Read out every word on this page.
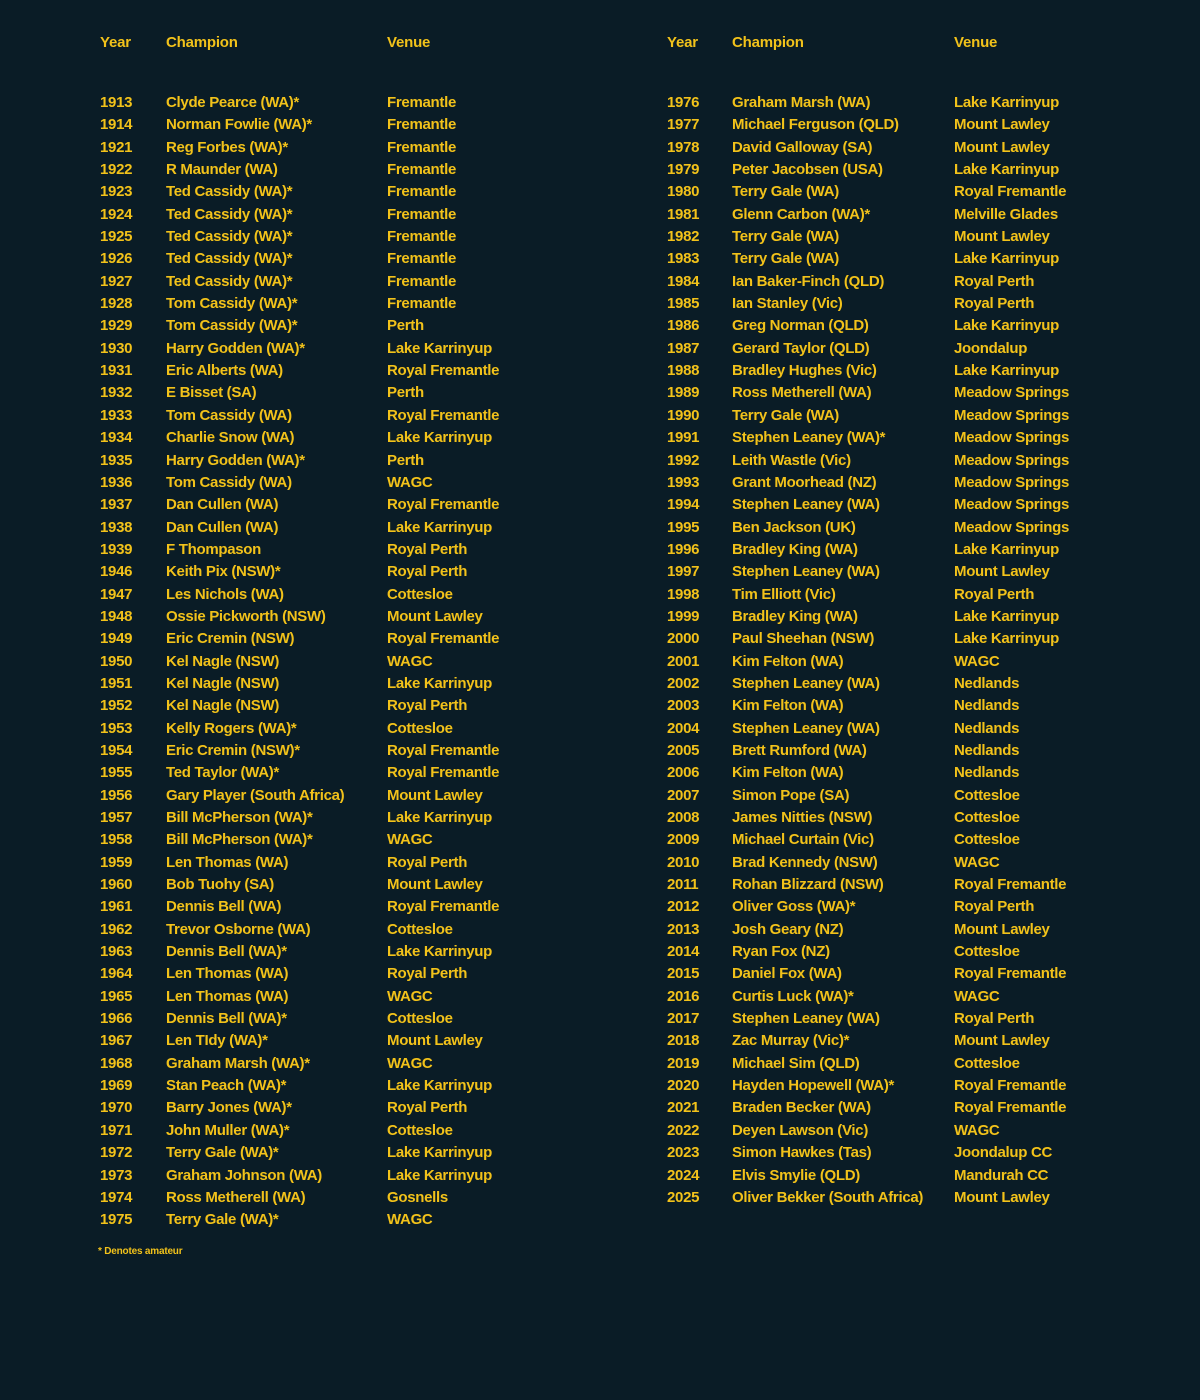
Year	Champion	Venue
1913	Clyde Pearce (WA)*	Fremantle
1914	Norman Fowlie (WA)*	Fremantle
1921	Reg Forbes (WA)*	Fremantle
1922	R Maunder (WA)	Fremantle
1923	Ted Cassidy (WA)*	Fremantle
1924	Ted Cassidy (WA)*	Fremantle
1925	Ted Cassidy (WA)*	Fremantle
1926	Ted Cassidy (WA)*	Fremantle
1927	Ted Cassidy (WA)*	Fremantle
1928	Tom Cassidy (WA)*	Fremantle
1929	Tom Cassidy (WA)*	Perth
1930	Harry Godden (WA)*	Lake Karrinyup
1931	Eric Alberts (WA)	Royal Fremantle
1932	E Bisset (SA)	Perth
1933	Tom Cassidy (WA)	Royal Fremantle
1934	Charlie Snow (WA)	Lake Karrinyup
1935	Harry Godden (WA)*	Perth
1936	Tom Cassidy (WA)	WAGC
1937	Dan Cullen (WA)	Royal Fremantle
1938	Dan Cullen (WA)	Lake Karrinyup
1939	F Thompason	Royal Perth
1946	Keith Pix (NSW)*	Royal Perth
1947	Les Nichols (WA)	Cottesloe
1948	Ossie Pickworth (NSW)	Mount Lawley
1949	Eric Cremin (NSW)	Royal Fremantle
1950	Kel Nagle (NSW)	WAGC
1951	Kel Nagle (NSW)	Lake Karrinyup
1952	Kel Nagle (NSW)	Royal Perth
1953	Kelly Rogers (WA)*	Cottesloe
1954	Eric Cremin (NSW)*	Royal Fremantle
1955	Ted Taylor (WA)*	Royal Fremantle
1956	Gary Player (South Africa)	Mount Lawley
1957	Bill McPherson (WA)*	Lake Karrinyup
1958	Bill McPherson (WA)*	WAGC
1959	Len Thomas (WA)	Royal Perth
1960	Bob Tuohy (SA)	Mount Lawley
1961	Dennis Bell (WA)	Royal Fremantle
1962	Trevor Osborne (WA)	Cottesloe
1963	Dennis Bell (WA)*	Lake Karrinyup
1964	Len Thomas (WA)	Royal Perth
1965	Len Thomas (WA)	WAGC
1966	Dennis Bell (WA)*	Cottesloe
1967	Len TIdy (WA)*	Mount Lawley
1968	Graham Marsh (WA)*	WAGC
1969	Stan Peach (WA)*	Lake Karrinyup
1970	Barry Jones (WA)*	Royal Perth
1971	John Muller (WA)*	Cottesloe
1972	Terry Gale (WA)*	Lake Karrinyup
1973	Graham Johnson (WA)	Lake Karrinyup
1974	Ross Metherell (WA)	Gosnells
1975	Terry Gale (WA)*	WAGC
Year	Champion	Venue
1976	Graham Marsh (WA)	Lake Karrinyup
1977	Michael Ferguson (QLD)	Mount Lawley
1978	David Galloway (SA)	Mount Lawley
1979	Peter Jacobsen (USA)	Lake Karrinyup
1980	Terry Gale (WA)	Royal Fremantle
1981	Glenn Carbon (WA)*	Melville Glades
1982	Terry Gale (WA)	Mount Lawley
1983	Terry Gale (WA)	Lake Karrinyup
1984	Ian Baker-Finch (QLD)	Royal Perth
1985	Ian Stanley (Vic)	Royal Perth
1986	Greg Norman (QLD)	Lake Karrinyup
1987	Gerard Taylor (QLD)	Joondalup
1988	Bradley Hughes (Vic)	Lake Karrinyup
1989	Ross Metherell (WA)	Meadow Springs
1990	Terry Gale (WA)	Meadow Springs
1991	Stephen Leaney (WA)*	Meadow Springs
1992	Leith Wastle (Vic)	Meadow Springs
1993	Grant Moorhead (NZ)	Meadow Springs
1994	Stephen Leaney (WA)	Meadow Springs
1995	Ben Jackson (UK)	Meadow Springs
1996	Bradley King (WA)	Lake Karrinyup
1997	Stephen Leaney (WA)	Mount Lawley
1998	Tim Elliott (Vic)	Royal Perth
1999	Bradley King (WA)	Lake Karrinyup
2000	Paul Sheehan (NSW)	Lake Karrinyup
2001	Kim Felton (WA)	WAGC
2002	Stephen Leaney (WA)	Nedlands
2003	Kim Felton (WA)	Nedlands
2004	Stephen Leaney (WA)	Nedlands
2005	Brett Rumford (WA)	Nedlands
2006	Kim Felton (WA)	Nedlands
2007	Simon Pope (SA)	Cottesloe
2008	James Nitties (NSW)	Cottesloe
2009	Michael Curtain (Vic)	Cottesloe
2010	Brad Kennedy (NSW)	WAGC
2011	Rohan Blizzard (NSW)	Royal Fremantle
2012	Oliver Goss (WA)*	Royal Perth
2013	Josh Geary (NZ)	Mount Lawley
2014	Ryan Fox (NZ)	Cottesloe
2015	Daniel Fox (WA)	Royal Fremantle
2016	Curtis Luck (WA)*	WAGC
2017	Stephen Leaney (WA)	Royal Perth
2018	Zac Murray (Vic)*	Mount Lawley
2019	Michael Sim (QLD)	Cottesloe
2020	Hayden Hopewell (WA)*	Royal Fremantle
2021	Braden Becker (WA)	Royal Fremantle
2022	Deyen Lawson (Vic)	WAGC
2023	Simon Hawkes (Tas)	Joondalup CC
2024	Elvis Smylie (QLD)	Mandurah CC
2025	Oliver Bekker (South Africa)	Mount Lawley
* Denotes amateur
